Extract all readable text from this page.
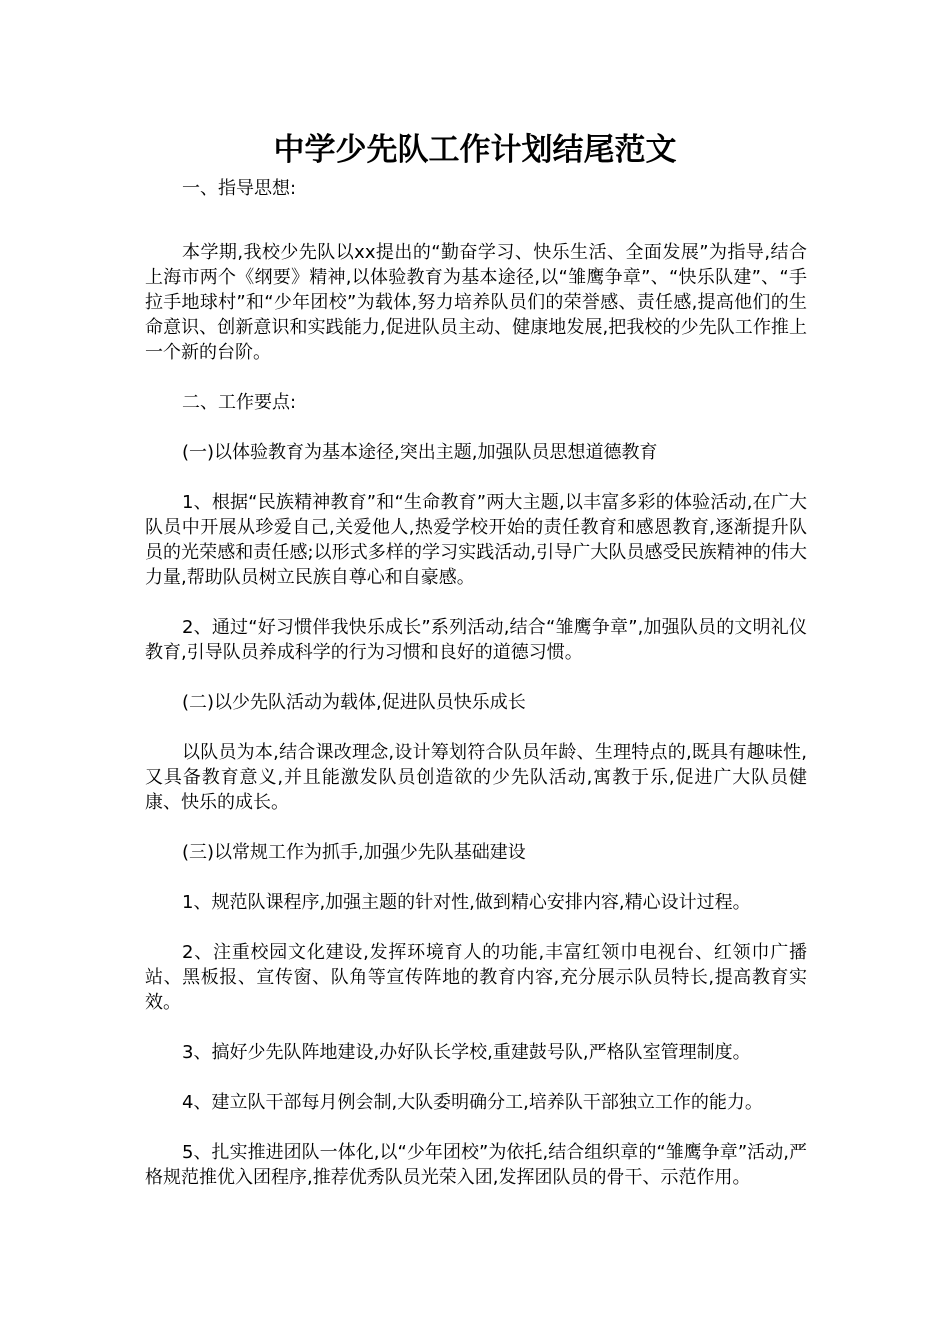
中学少先队工作计划结尾范文

一、指导思想:

本学期,我校少先队以xx提出的“勤奋学习、快乐生活、全面发展”为指导,结合上海市两个《纲要》精神,以体验教育为基本途径,以“雏鹰争章”、“快乐队建”、“手拉手地球村”和“少年团校”为载体,努力培养队员们的荣誉感、责任感,提高他们的生命意识、创新意识和实践能力,促进队员主动、健康地发展,把我校的少先队工作推上一个新的台阶。

二、工作要点:

(一)以体验教育为基本途径,突出主题,加强队员思想道德教育

1、根据“民族精神教育”和“生命教育”两大主题,以丰富多彩的体验活动,在广大队员中开展从珍爱自己,关爱他人,热爱学校开始的责任教育和感恩教育,逐渐提升队员的光荣感和责任感;以形式多样的学习实践活动,引导广大队员感受民族精神的伟大力量,帮助队员树立民族自尊心和自豪感。

2、通过“好习惯伴我快乐成长”系列活动,结合“雏鹰争章”,加强队员的文明礼仪教育,引导队员养成科学的行为习惯和良好的道德习惯。

(二)以少先队活动为载体,促进队员快乐成长

以队员为本,结合课改理念,设计筹划符合队员年龄、生理特点的,既具有趣味性,又具备教育意义,并且能激发队员创造欲的少先队活动,寓教于乐,促进广大队员健康、快乐的成长。

(三)以常规工作为抓手,加强少先队基础建设

1、规范队课程序,加强主题的针对性,做到精心安排内容,精心设计过程。

2、注重校园文化建设,发挥环境育人的功能,丰富红领巾电视台、红领巾广播站、黑板报、宣传窗、队角等宣传阵地的教育内容,充分展示队员特长,提高教育实效。

3、搞好少先队阵地建设,办好队长学校,重建鼓号队,严格队室管理制度。

4、建立队干部每月例会制,大队委明确分工,培养队干部独立工作的能力。

5、扎实推进团队一体化,以“少年团校”为依托,结合组织章的“雏鹰争章”活动,严格规范推优入团程序,推荐优秀队员光荣入团,发挥团队员的骨干、示范作用。
